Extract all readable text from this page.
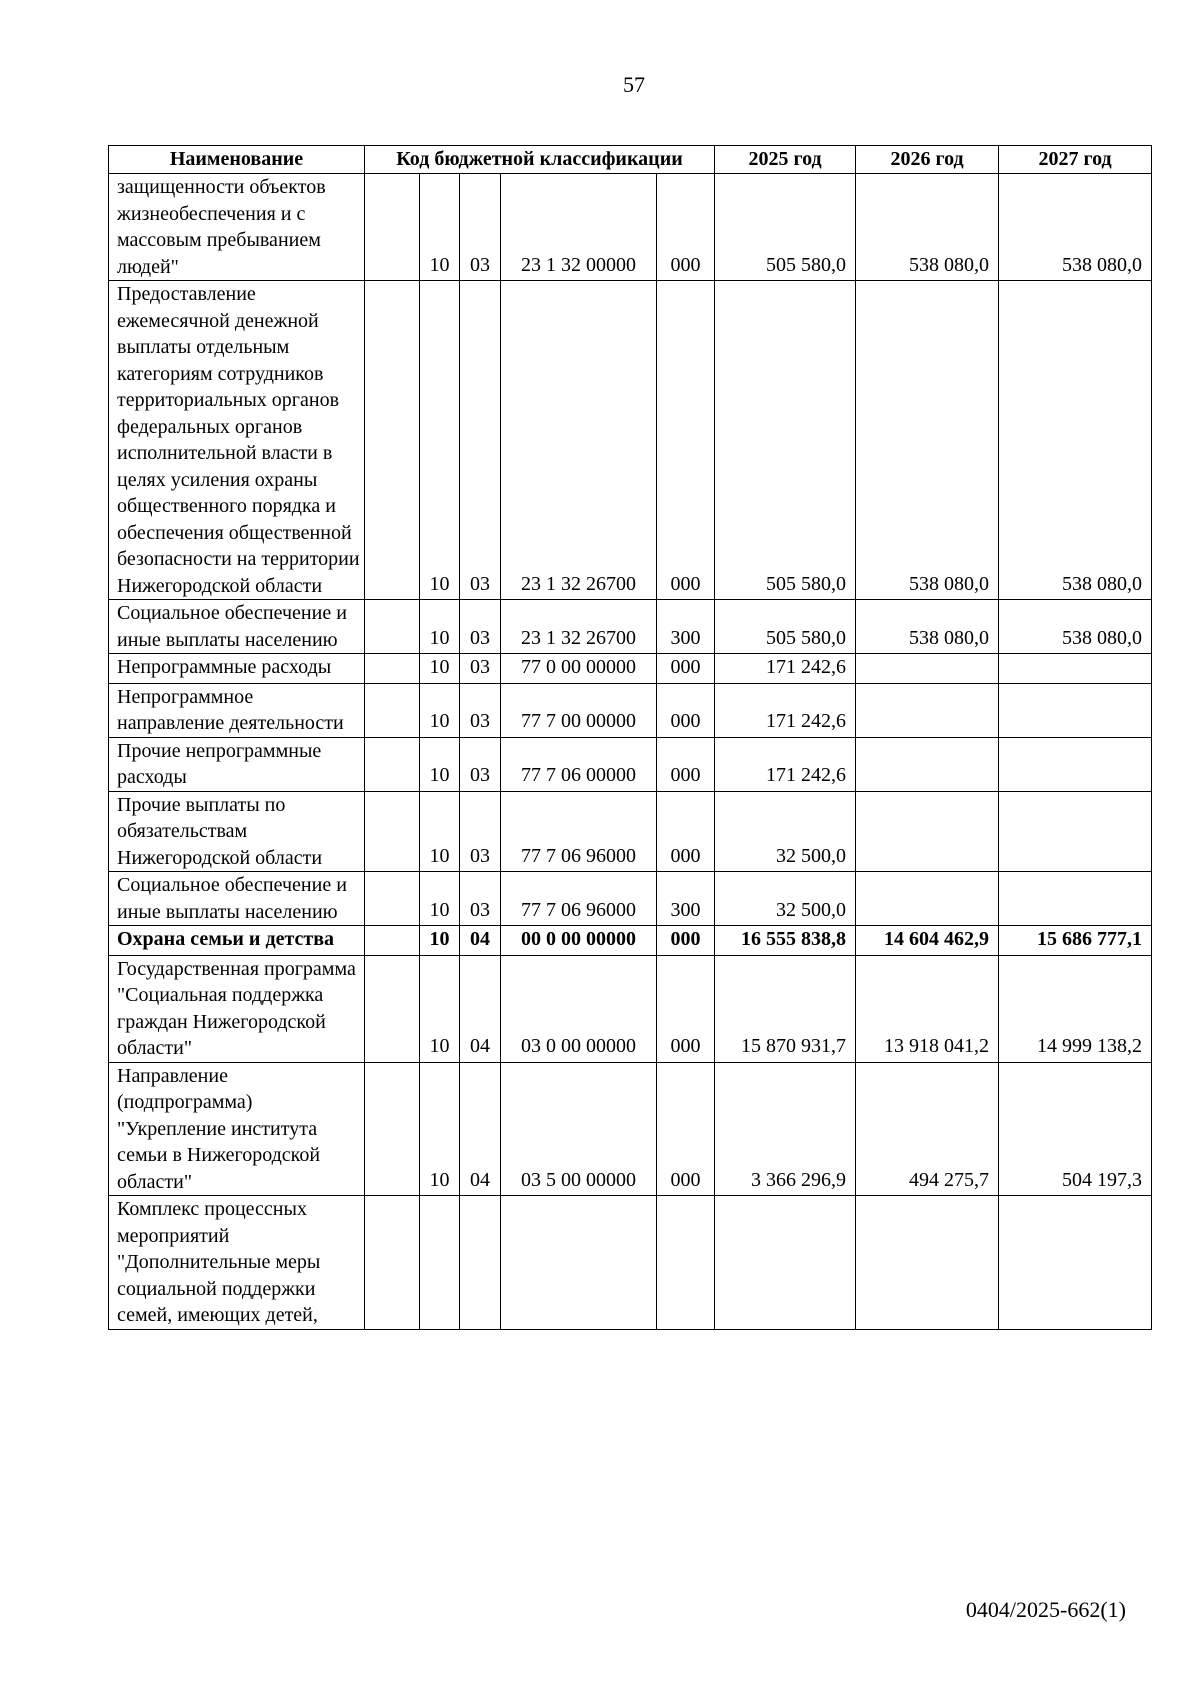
57
Наименование	Код бюджетной классификации					2025 год	2026 год	2027 год
защищенности объектов жизнеобеспечения и с массовым пребыванием людей"		10	03	23 1 32 00000	000	505 580,0	538 080,0	538 080,0
Предоставление ежемесячной денежной выплаты отдельным категориям сотрудников территориальных органов федеральных органов исполнительной власти в целях усиления охраны общественного порядка и обеспечения общественной безопасности на территории Нижегородской области		10	03	23 1 32 26700	000	505 580,0	538 080,0	538 080,0
Социальное обеспечение и иные выплаты населению		10	03	23 1 32 26700	300	505 580,0	538 080,0	538 080,0
Непрограммные расходы		10	03	77 0 00 00000	000	171 242,6		
Непрограммное направление деятельности		10	03	77 7 00 00000	000	171 242,6		
Прочие непрограммные расходы		10	03	77 7 06 00000	000	171 242,6		
Прочие выплаты по обязательствам Нижегородской области		10	03	77 7 06 96000	000	32 500,0		
Социальное обеспечение и иные выплаты населению		10	03	77 7 06 96000	300	32 500,0		
Охрана семьи и детства		10	04	00 0 00 00000	000	16 555 838,8	14 604 462,9	15 686 777,1
Государственная программа "Социальная поддержка граждан Нижегородской области"		10	04	03 0 00 00000	000	15 870 931,7	13 918 041,2	14 999 138,2
Направление (подпрограмма) "Укрепление института семьи в Нижегородской области"		10	04	03 5 00 00000	000	3 366 296,9	494 275,7	504 197,3
Комплекс процессных мероприятий "Дополнительные меры социальной поддержки семей, имеющих детей,								
0404/2025-662(1)
